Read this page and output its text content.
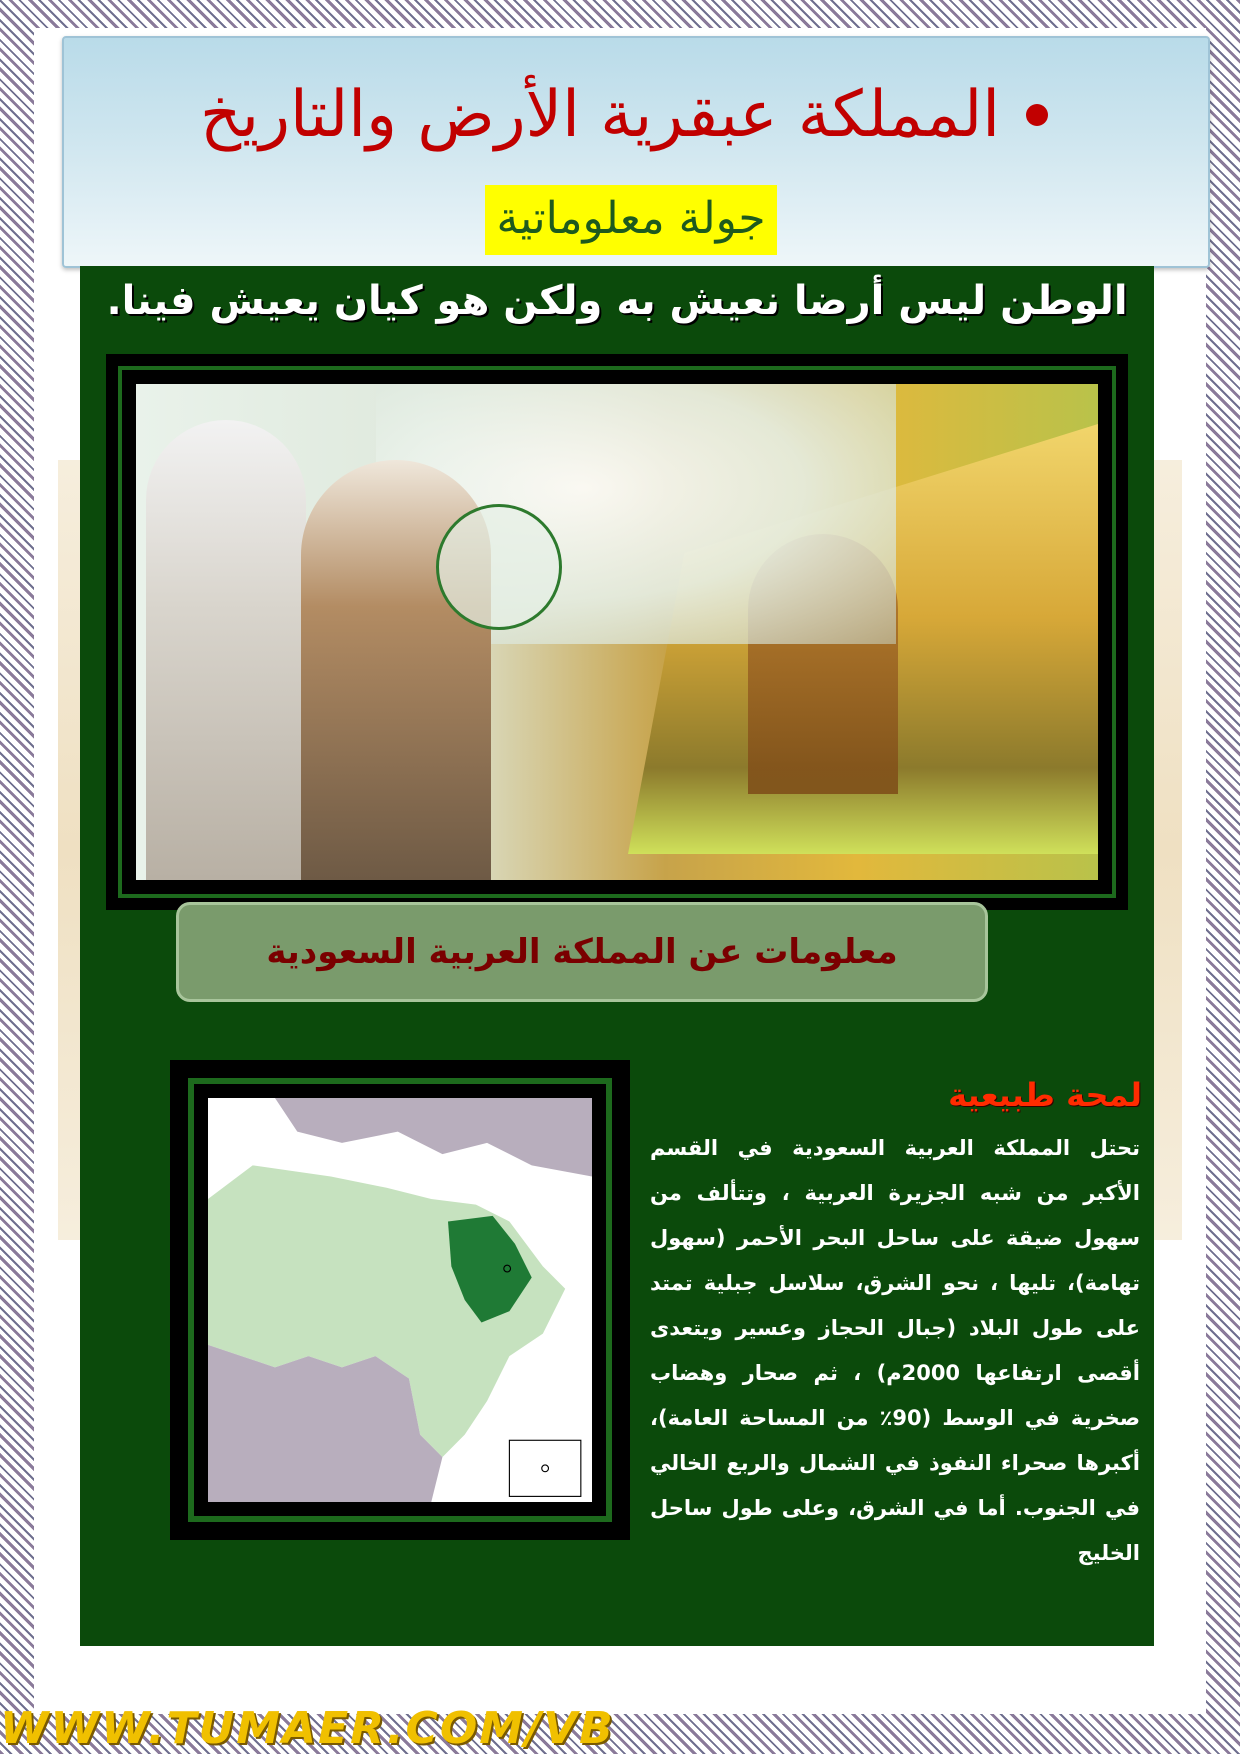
المملكة عبقرية الأرض والتاريخ
جولة معلوماتية
الوطن ليس أرضا نعيش به ولكن هو كيان يعيش فينا.
معلومات عن المملكة العربية السعودية
لمحة طبيعية
تحتل المملكة العربية السعودية في القسم الأكبر من شبه الجزيرة العربية ، وتتألف من سهول ضيقة على ساحل البحر الأحمر (سهول تهامة)، تليها ، نحو الشرق، سلاسل جبلية تمتد على طول البلاد (جبال الحجاز وعسير ويتعدى أقصى ارتفاعها 2000م) ، ثم صحار وهضاب صخرية في الوسط (90٪ من المساحة العامة)، أكبرها صحراء النفوذ في الشمال والربع الخالي في الجنوب. أما في الشرق، وعلى طول ساحل الخليج
WWW.TUMAER.COM/VB
